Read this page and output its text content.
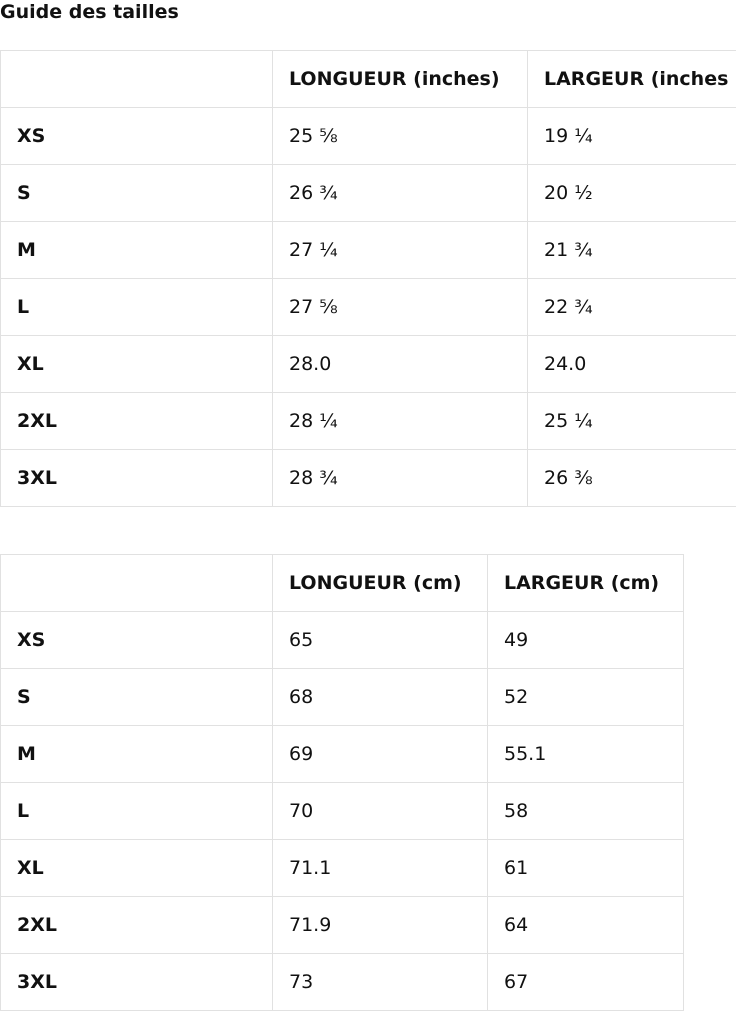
Guide des tailles
	LONGUEUR (inches)	LARGEUR (inches
XS	25 ⅝	19 ¼
S	26 ¾	20 ½
M	27 ¼	21 ¾
L	27 ⅝	22 ¾
XL	28.0	24.0
2XL	28 ¼	25 ¼
3XL	28 ¾	26 ⅜
	LONGUEUR (cm)	LARGEUR (cm)
XS	65	49
S	68	52
M	69	55.1
L	70	58
XL	71.1	61
2XL	71.9	64
3XL	73	67
